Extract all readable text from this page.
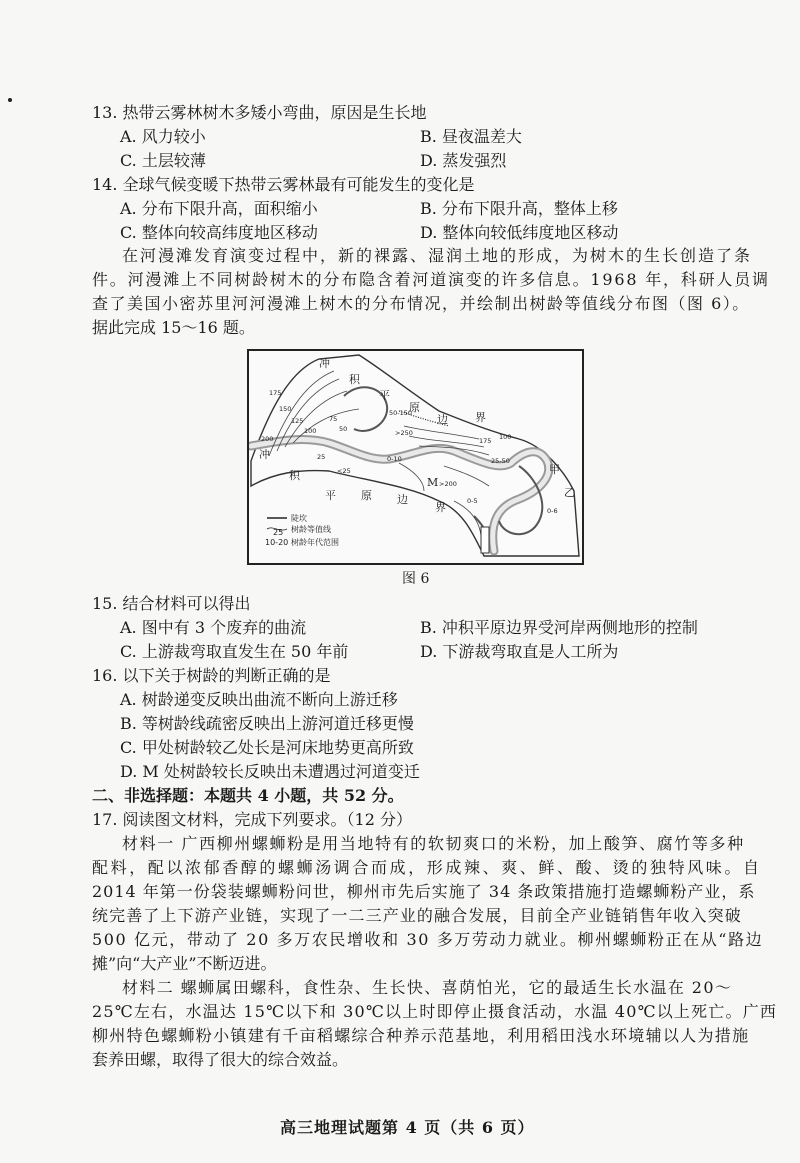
13. 热带云雾林树木多矮小弯曲，原因是生长地
A. 风力较小	B. 昼夜温差大
C. 土层较薄	D. 蒸发强烈
14. 全球气候变暖下热带云雾林最有可能发生的变化是
A. 分布下限升高，面积缩小	B. 分布下限升高，整体上移
C. 整体向较高纬度地区移动	D. 整体向较低纬度地区移动
在河漫滩发育演变过程中，新的裸露、湿润土地的形成，为树木的生长创造了条
件。河漫滩上不同树龄树木的分布隐含着河道演变的许多信息。1968 年，科研人员调
查了美国小密苏里河河漫滩上树木的分布情况，并绘制出树龄等值线分布图（图 6）。
据此完成 15～16 题。
冲
积
平
原
边 界
冲
积
平 原 边
界
甲
乙
M >200
175
150
125
100
75
50
25
50-150
>250
0-10	25-50
0-6
0-5
<25
175
200	100
陡坎
25 树龄等值线
10-20 树龄年代范围
图 6
15. 结合材料可以得出
A. 图中有 3 个废弃的曲流	B. 冲积平原边界受河岸两侧地形的控制
C. 上游裁弯取直发生在 50 年前	D. 下游裁弯取直是人工所为
16. 以下关于树龄的判断正确的是
A. 树龄递变反映出曲流不断向上游迁移
B. 等树龄线疏密反映出上游河道迁移更慢
C. 甲处树龄较乙处长是河床地势更高所致
D. M 处树龄较长反映出未遭遇过河道变迁
二、非选择题：本题共 4 小题，共 52 分。
17. 阅读图文材料，完成下列要求。（12 分）
材料一 广西柳州螺蛳粉是用当地特有的软韧爽口的米粉，加上酸笋、腐竹等多种
配料，配以浓郁香醇的螺蛳汤调合而成，形成辣、爽、鲜、酸、烫的独特风味。自
2014 年第一份袋装螺蛳粉问世，柳州市先后实施了 34 条政策措施打造螺蛳粉产业，系
统完善了上下游产业链，实现了一二三产业的融合发展，目前全产业链销售年收入突破
500 亿元，带动了 20 多万农民增收和 30 多万劳动力就业。柳州螺蛳粉正在从“路边
摊”向“大产业”不断迈进。
材料二 螺蛳属田螺科，食性杂、生长快、喜荫怕光，它的最适生长水温在 20～
25℃左右，水温达 15℃以下和 30℃以上时即停止摄食活动，水温 40℃以上死亡。广西
柳州特色螺蛳粉小镇建有千亩稻螺综合种养示范基地，利用稻田浅水环境辅以人为措施
套养田螺，取得了很大的综合效益。
高三地理试题第 4 页（共 6 页）
